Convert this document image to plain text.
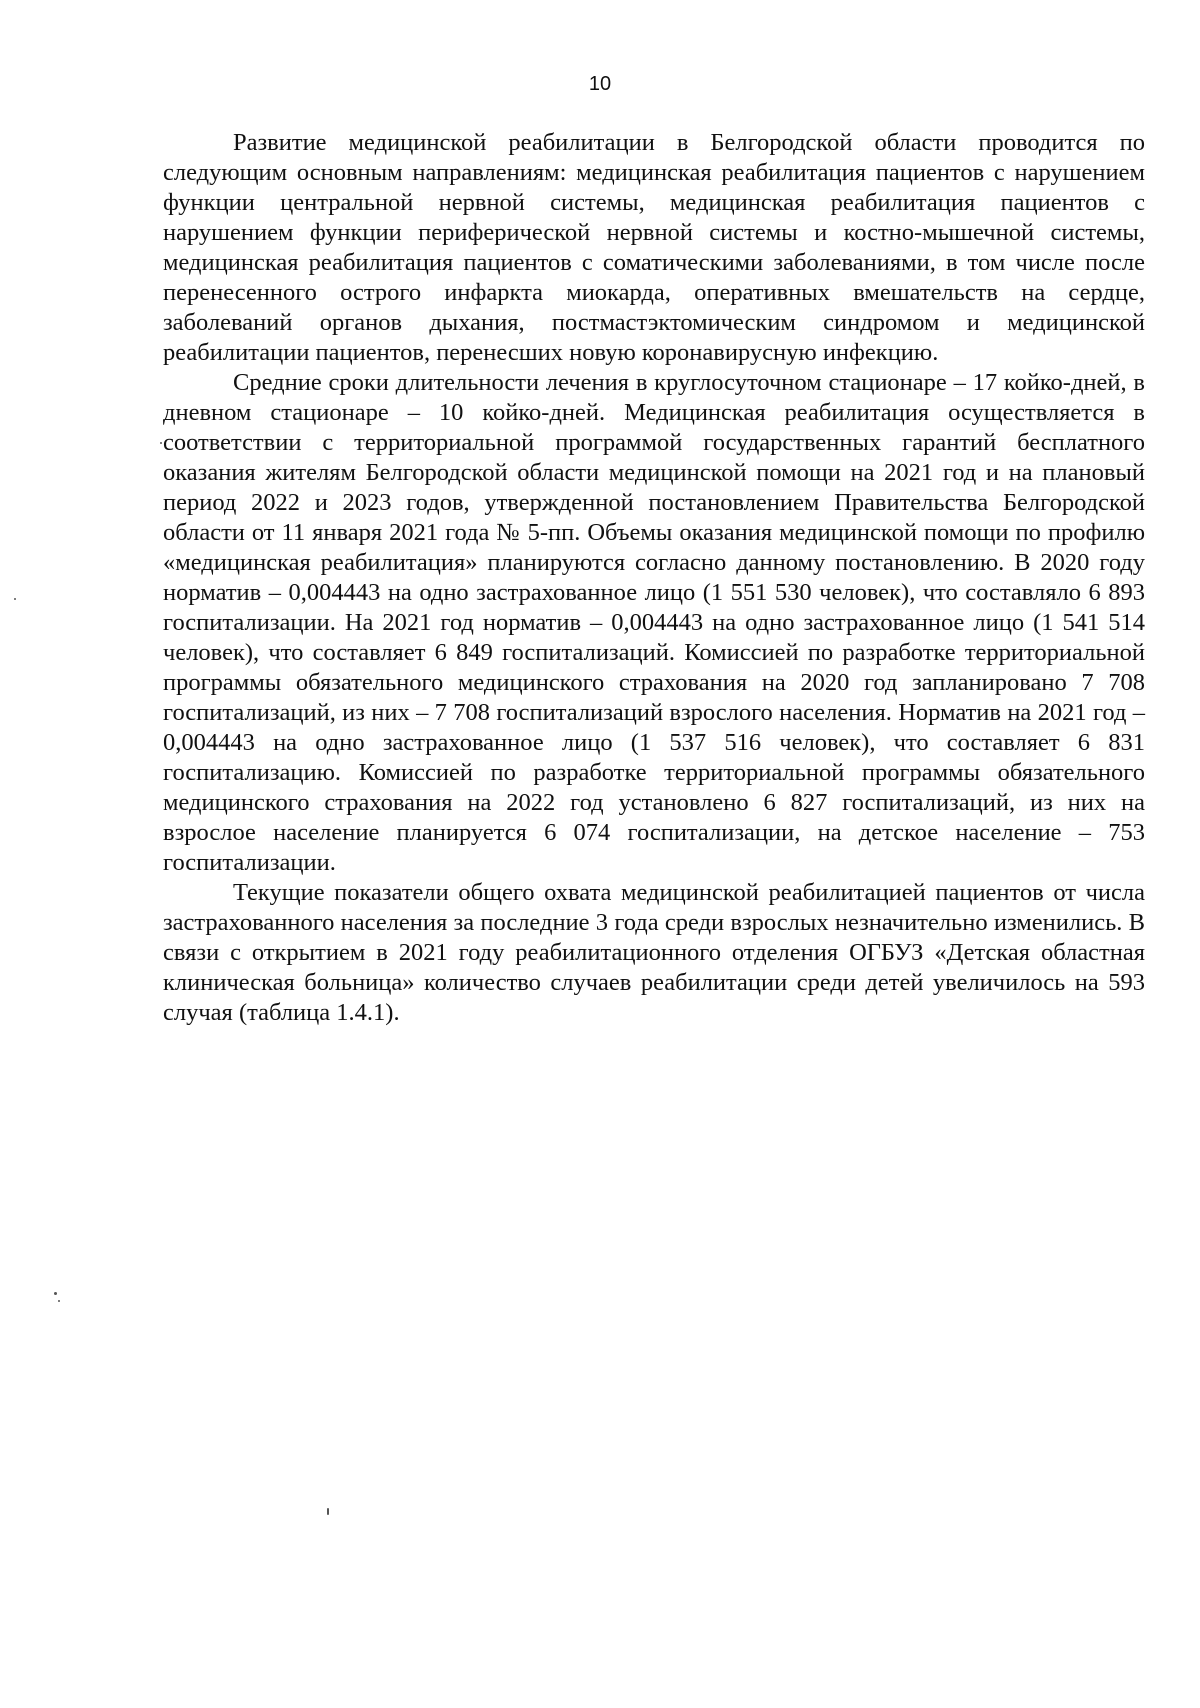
10

Развитие медицинской реабилитации в Белгородской области проводится по следующим основным направлениям: медицинская реабилитация пациентов с нарушением функции центральной нервной системы, медицинская реабилитация пациентов с нарушением функции периферической нервной системы и костно-мышечной системы, медицинская реабилитация пациентов с соматическими заболеваниями, в том числе после перенесенного острого инфаркта миокарда, оперативных вмешательств на сердце, заболеваний органов дыхания, постмастэктомическим синдромом и медицинской реабилитации пациентов, перенесших новую коронавирусную инфекцию.

Средние сроки длительности лечения в круглосуточном стационаре – 17 койко-дней, в дневном стационаре – 10 койко-дней. Медицинская реабилитация осуществляется в соответствии с территориальной программой государственных гарантий бесплатного оказания жителям Белгородской области медицинской помощи на 2021 год и на плановый период 2022 и 2023 годов, утвержденной постановлением Правительства Белгородской области от 11 января 2021 года № 5-пп. Объемы оказания медицинской помощи по профилю «медицинская реабилитация» планируются согласно данному постановлению. В 2020 году норматив – 0,004443 на одно застрахованное лицо (1 551 530 человек), что составляло 6 893 госпитализации. На 2021 год норматив – 0,004443 на одно застрахованное лицо (1 541 514 человек), что составляет 6 849 госпитализаций. Комиссией по разработке территориальной программы обязательного медицинского страхования на 2020 год запланировано 7 708 госпитализаций, из них – 7 708 госпитализаций взрослого населения. Норматив на 2021 год – 0,004443 на одно застрахованное лицо (1 537 516 человек), что составляет 6 831 госпитализацию. Комиссией по разработке территориальной программы обязательного медицинского страхования на 2022 год установлено 6 827 госпитализаций, из них на взрослое население планируется 6 074 госпитализации, на детское население – 753 госпитализации.

Текущие показатели общего охвата медицинской реабилитацией пациентов от числа застрахованного населения за последние 3 года среди взрослых незначительно изменились. В связи с открытием в 2021 году реабилитационного отделения ОГБУЗ «Детская областная клиническая больница» количество случаев реабилитации среди детей увеличилось на 593 случая (таблица 1.4.1).
